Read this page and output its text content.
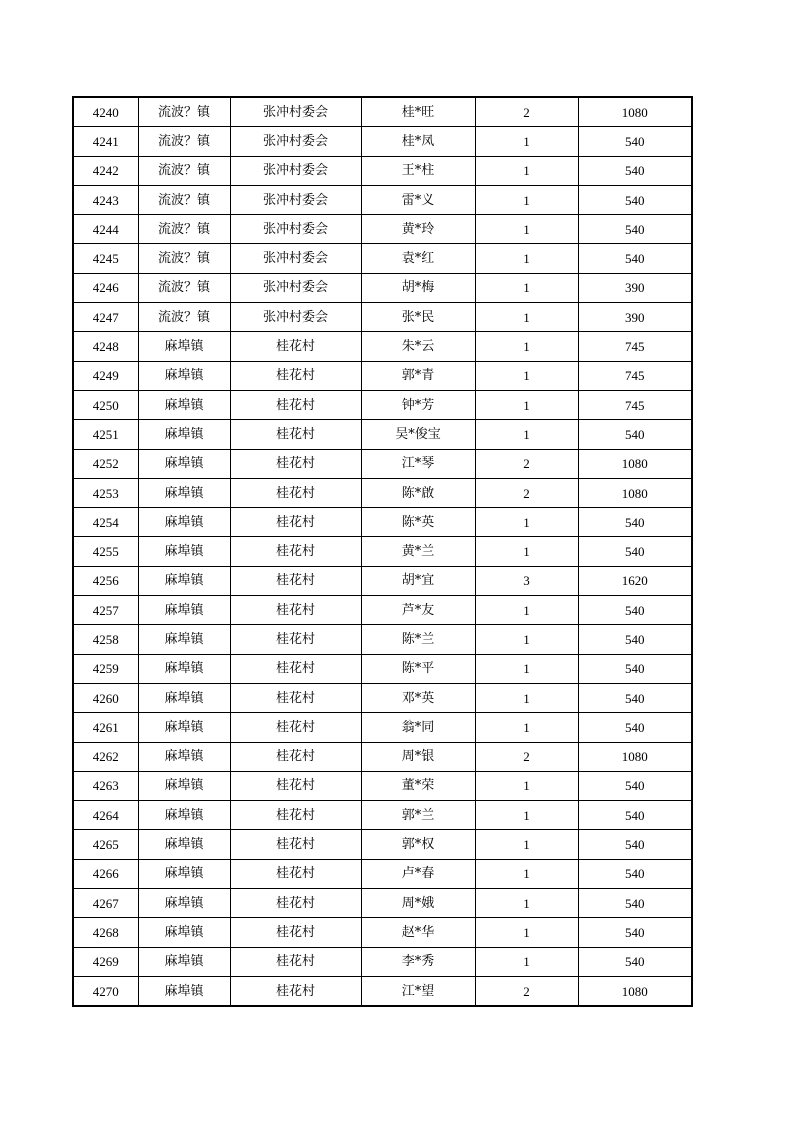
4240	流波？镇	张冲村委会	桂*旺	2	1080
4241	流波？镇	张冲村委会	桂*凤	1	540
4242	流波？镇	张冲村委会	王*柱	1	540
4243	流波？镇	张冲村委会	雷*义	1	540
4244	流波？镇	张冲村委会	黄*玲	1	540
4245	流波？镇	张冲村委会	袁*红	1	540
4246	流波？镇	张冲村委会	胡*梅	1	390
4247	流波？镇	张冲村委会	张*民	1	390
4248	麻埠镇	桂花村	朱*云	1	745
4249	麻埠镇	桂花村	郭*青	1	745
4250	麻埠镇	桂花村	钟*芳	1	745
4251	麻埠镇	桂花村	吴*俊宝	1	540
4252	麻埠镇	桂花村	江*琴	2	1080
4253	麻埠镇	桂花村	陈*啟	2	1080
4254	麻埠镇	桂花村	陈*英	1	540
4255	麻埠镇	桂花村	黄*兰	1	540
4256	麻埠镇	桂花村	胡*宜	3	1620
4257	麻埠镇	桂花村	芦*友	1	540
4258	麻埠镇	桂花村	陈*兰	1	540
4259	麻埠镇	桂花村	陈*平	1	540
4260	麻埠镇	桂花村	邓*英	1	540
4261	麻埠镇	桂花村	翁*同	1	540
4262	麻埠镇	桂花村	周*银	2	1080
4263	麻埠镇	桂花村	董*荣	1	540
4264	麻埠镇	桂花村	郭*兰	1	540
4265	麻埠镇	桂花村	郭*权	1	540
4266	麻埠镇	桂花村	卢*春	1	540
4267	麻埠镇	桂花村	周*娥	1	540
4268	麻埠镇	桂花村	赵*华	1	540
4269	麻埠镇	桂花村	李*秀	1	540
4270	麻埠镇	桂花村	江*望	2	1080
